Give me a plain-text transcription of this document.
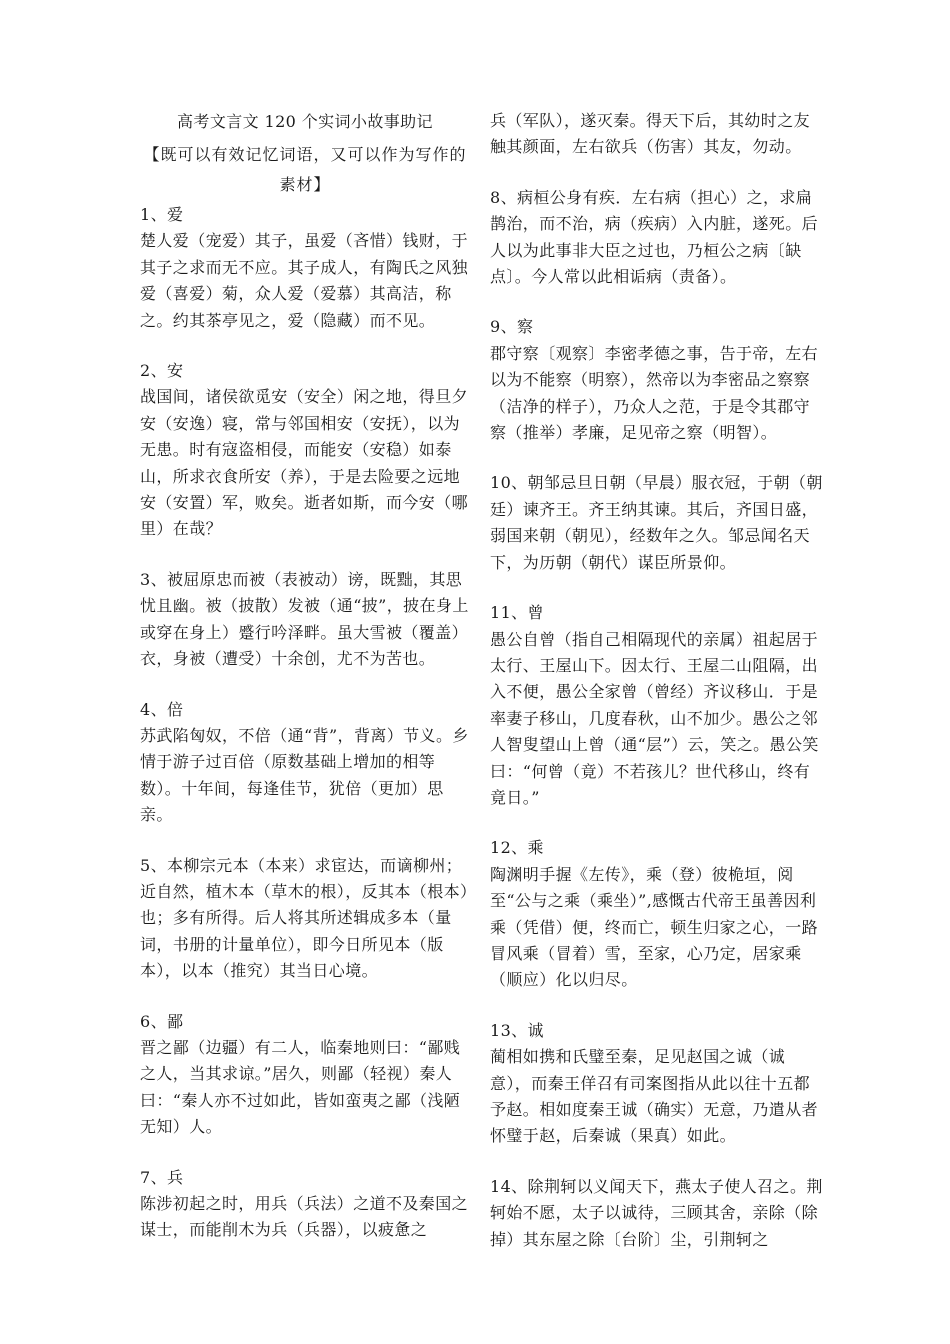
高考文言文 120 个实词小故事助记
【既可以有效记忆词语，又可以作为写作的素材】
1、爱
楚人爱（宠爱）其子，虽爱（吝惜）钱财，于其子之求而无不应。其子成人，有陶氏之风独爱（喜爱）菊，众人爱（爱慕）其高洁，称之。约其茶亭见之，爱（隐藏）而不见。
2、安
战国间，诸侯欲觅安（安全）闲之地，得旦夕安（安逸）寝，常与邻国相安（安抚），以为无患。时有寇盗相侵，而能安（安稳）如泰山，所求衣食所安（养），于是去险要之远地安（安置）军，败矣。逝者如斯，而今安（哪里）在哉？
3、被屈原忠而被（表被动）谤，既黜，其思忧且幽。被（披散）发被（通“披”，披在身上或穿在身上）蹙行吟泽畔。虽大雪被（覆盖）衣，身被（遭受）十余创，尤不为苦也。
4、倍
苏武陷匈奴，不倍（通“背”，背离）节义。乡情于游子过百倍（原数基础上增加的相等数）。十年间，每逢佳节，犹倍（更加）思亲。
5、本柳宗元本（本来）求宦达，而谪柳州；近自然，植木本（草木的根），反其本（根本）也；多有所得。后人将其所述辑成多本（量词，书册的计量单位），即今日所见本（版本），以本（推究）其当日心境。
6、鄙
晋之鄙（边疆）有二人，临秦地则曰：“鄙贱之人，当其求谅。”居久，则鄙（轻视）秦人曰：“秦人亦不过如此，皆如蛮夷之鄙（浅陋无知）人。
7、兵
陈涉初起之时，用兵（兵法）之道不及秦国之谋士，而能削木为兵（兵器），以疲惫之
兵（军队），遂灭秦。得天下后，其幼时之友触其颜面，左右欲兵（伤害）其友，勿动。
8、病桓公身有疾．左右病（担心）之，求扁鹊治，而不治，病（疾病）入内脏，遂死。后人以为此事非大臣之过也，乃桓公之病〔缺点〕。今人常以此相诟病（责备）。
9、察
郡守察〔观察〕李密孝德之事，告于帝，左右以为不能察（明察），然帝以为李密品之察察（洁净的样子），乃众人之范，于是令其郡守察（推举）孝廉，足见帝之察（明智）。
10、朝邹忌旦日朝（早晨）服衣冠，于朝（朝廷）谏齐王。齐王纳其谏。其后，齐国日盛，弱国来朝（朝见），经数年之久。邹忌闻名天下，为历朝（朝代）谋臣所景仰。
11、曾
愚公自曾（指自己相隔现代的亲属）祖起居于太行、王屋山下。因太行、王屋二山阻隔，出入不便，愚公全家曾（曾经）齐议移山．于是率妻子移山，几度春秋，山不加少。愚公之邻人智叟望山上曾（通“层”）云，笑之。愚公笑曰：“何曾（竟）不若孩儿？世代移山，终有竟日。”
12、乘
陶渊明手握《左传》，乘（登）彼桅垣，阅至“公与之乘（乘坐）”,感慨古代帝王虽善因利乘（凭借）便，终而亡，顿生归家之心，一路冒风乘（冒着）雪，至家，心乃定，居家乘（顺应）化以归尽。
13、诚
蔺相如携和氏璧至秦，足见赵国之诚（诚意），而秦王佯召有司案图指从此以往十五都予赵。相如度秦王诚（确实）无意，乃遣从者怀璧于赵，后秦诚（果真）如此。
14、除荆轲以义闻天下，燕太子使人召之。荆轲始不愿，太子以诚待，三顾其舍，亲除（除掉）其东屋之除〔台阶〕尘，引荆轲之
